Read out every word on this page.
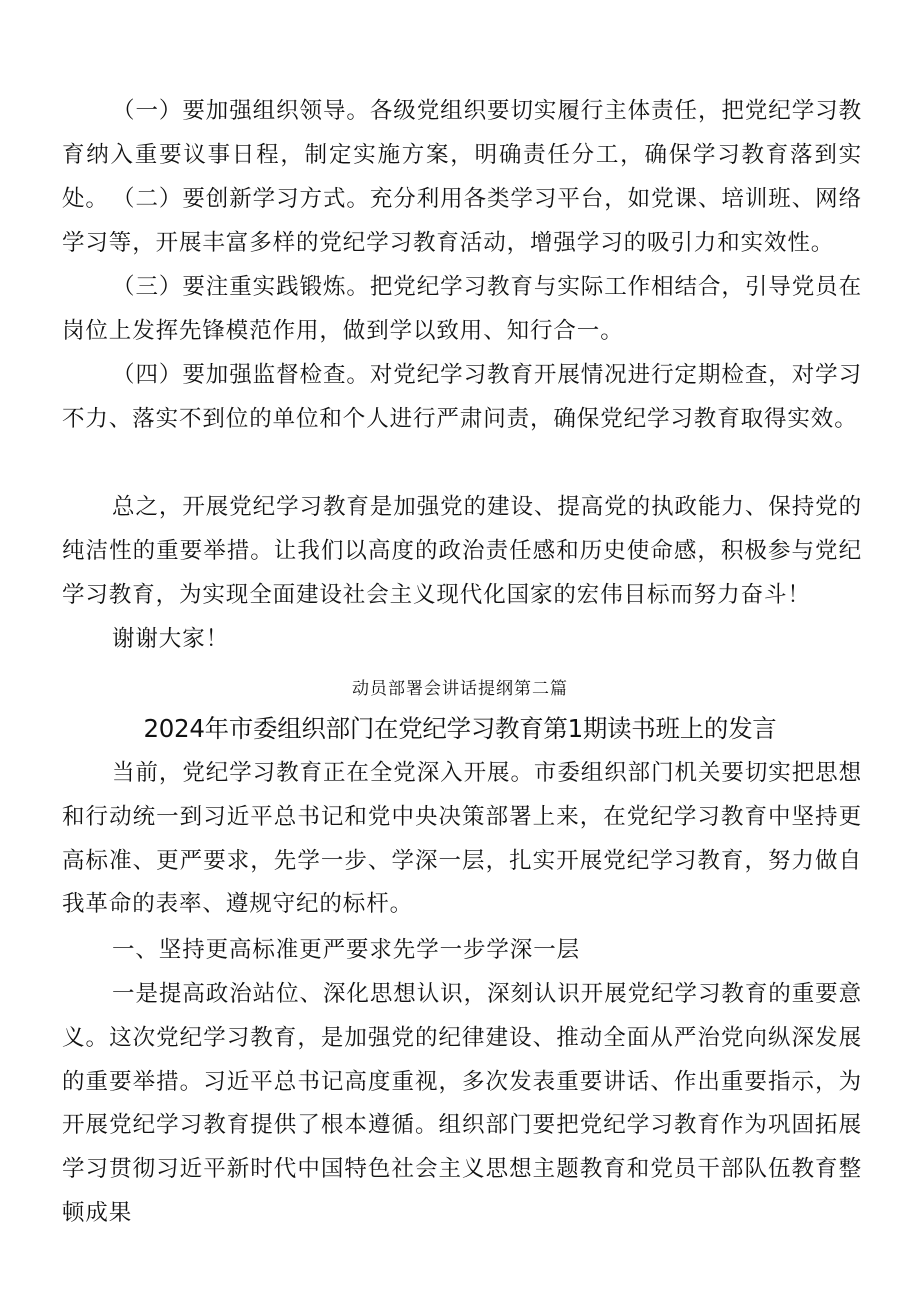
（一）要加强组织领导。各级党组织要切实履行主体责任，把党纪学习教育纳入重要议事日程，制定实施方案，明确责任分工，确保学习教育落到实处。 （二）要创新学习方式。充分利用各类学习平台，如党课、培训班、网络学习等，开展丰富多样的党纪学习教育活动，增强学习的吸引力和实效性。

（三）要注重实践锻炼。把党纪学习教育与实际工作相结合，引导党员在岗位上发挥先锋模范作用，做到学以致用、知行合一。

（四）要加强监督检查。对党纪学习教育开展情况进行定期检查，对学习不力、落实不到位的单位和个人进行严肃问责，确保党纪学习教育取得实效。

总之，开展党纪学习教育是加强党的建设、提高党的执政能力、保持党的纯洁性的重要举措。让我们以高度的政治责任感和历史使命感，积极参与党纪学习教育，为实现全面建设社会主义现代化国家的宏伟目标而努力奋斗！

谢谢大家！

动员部署会讲话提纲第二篇

2024年市委组织部门在党纪学习教育第1期读书班上的发言

当前，党纪学习教育正在全党深入开展。市委组织部门机关要切实把思想和行动统一到习近平总书记和党中央决策部署上来，在党纪学习教育中坚持更高标准、更严要求，先学一步、学深一层，扎实开展党纪学习教育，努力做自我革命的表率、遵规守纪的标杆。

一、坚持更高标准更严要求先学一步学深一层

一是提高政治站位、深化思想认识，深刻认识开展党纪学习教育的重要意义。这次党纪学习教育，是加强党的纪律建设、推动全面从严治党向纵深发展的重要举措。习近平总书记高度重视，多次发表重要讲话、作出重要指示，为开展党纪学习教育提供了根本遵循。组织部门要把党纪学习教育作为巩固拓展学习贯彻习近平新时代中国特色社会主义思想主题教育和党员干部队伍教育整顿成果
